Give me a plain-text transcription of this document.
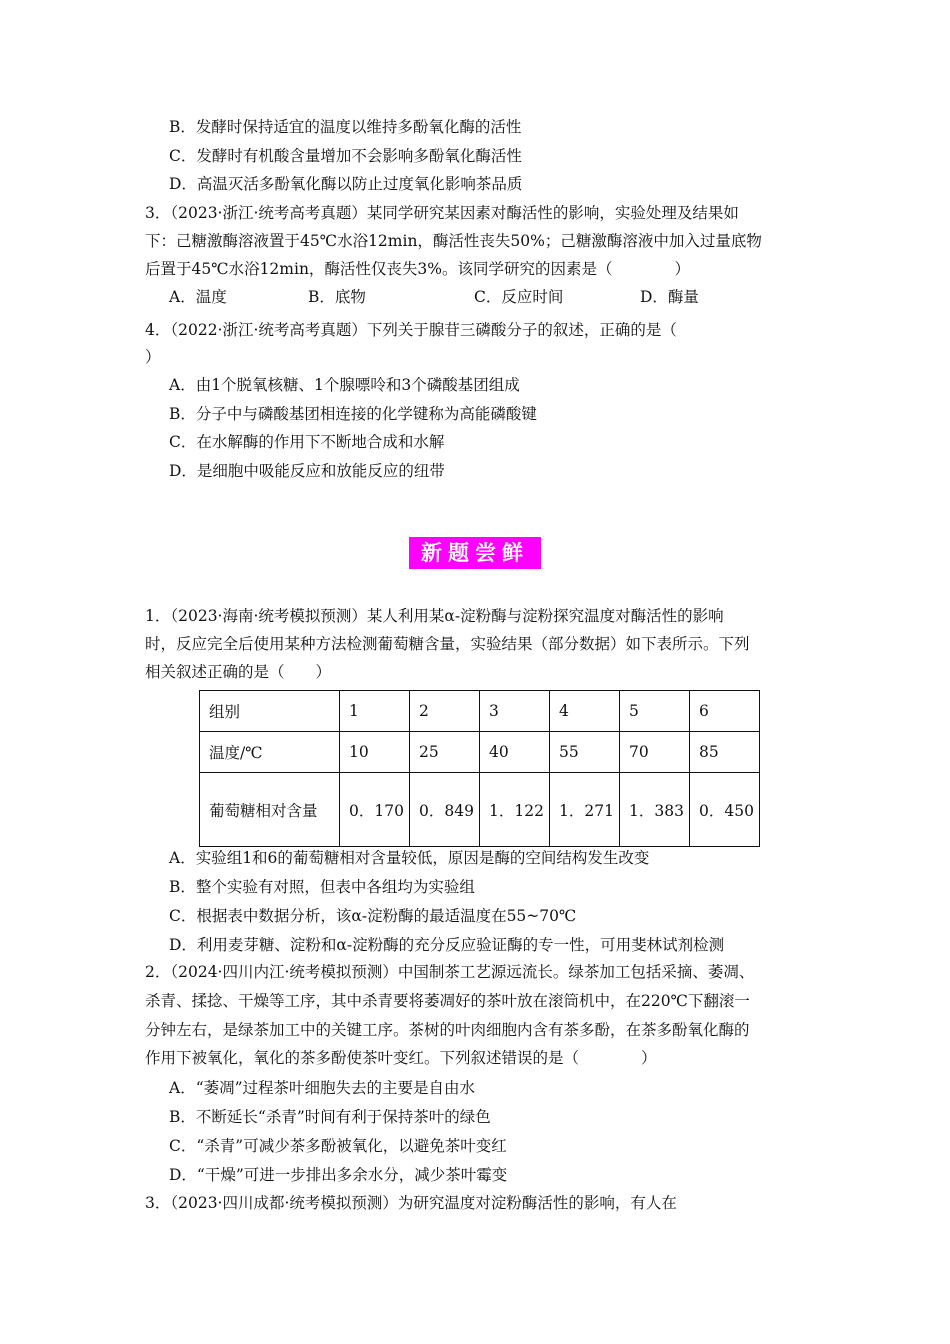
B．发酵时保持适宜的温度以维持多酚氧化酶的活性
C．发酵时有机酸含量增加不会影响多酚氧化酶活性
D．高温灭活多酚氧化酶以防止过度氧化影响茶品质
3．（2023·浙江·统考高考真题）某同学研究某因素对酶活性的影响，实验处理及结果如
下：己糖激酶溶液置于45℃水浴12min，酶活性丧失50%；己糖激酶溶液中加入过量底物
后置于45℃水浴12min，酶活性仅丧失3%。该同学研究的因素是（　　　　）
A．温度	B．底物	C．反应时间	D．酶量
4．（2022·浙江·统考高考真题）下列关于腺苷三磷酸分子的叙述，正确的是（
）
A．由1个脱氧核糖、1个腺嘌呤和3个磷酸基团组成
B．分子中与磷酸基团相连接的化学键称为高能磷酸键
C．在水解酶的作用下不断地合成和水解
D．是细胞中吸能反应和放能反应的纽带
新题尝鲜
1．（2023·海南·统考模拟预测）某人利用某α-淀粉酶与淀粉探究温度对酶活性的影响
时，反应完全后使用某种方法检测葡萄糖含量，实验结果（部分数据）如下表所示。下列
相关叙述正确的是（　　）
组别	1	2	3	4	5	6
温度/℃	10	25	40	55	70	85
葡萄糖相对含量	0．170	0．849	1．122	1．271	1．383	0．450
A．实验组1和6的葡萄糖相对含量较低，原因是酶的空间结构发生改变
B．整个实验有对照，但表中各组均为实验组
C．根据表中数据分析，该α-淀粉酶的最适温度在55~70℃
D．利用麦芽糖、淀粉和α-淀粉酶的充分反应验证酶的专一性，可用斐林试剂检测
2．（2024·四川内江·统考模拟预测）中国制茶工艺源远流长。绿茶加工包括采摘、萎凋、
杀青、揉捻、干燥等工序，其中杀青要将萎凋好的茶叶放在滚筒机中，在220℃下翻滚一
分钟左右，是绿茶加工中的关键工序。茶树的叶肉细胞内含有茶多酚，在茶多酚氧化酶的
作用下被氧化，氧化的茶多酚使茶叶变红。下列叙述错误的是（　　　　）
A．“萎凋”过程茶叶细胞失去的主要是自由水
B．不断延长“杀青”时间有利于保持茶叶的绿色
C．“杀青”可减少茶多酚被氧化，以避免茶叶变红
D．“干燥”可进一步排出多余水分，减少茶叶霉变
3．（2023·四川成都·统考模拟预测）为研究温度对淀粉酶活性的影响，有人在
